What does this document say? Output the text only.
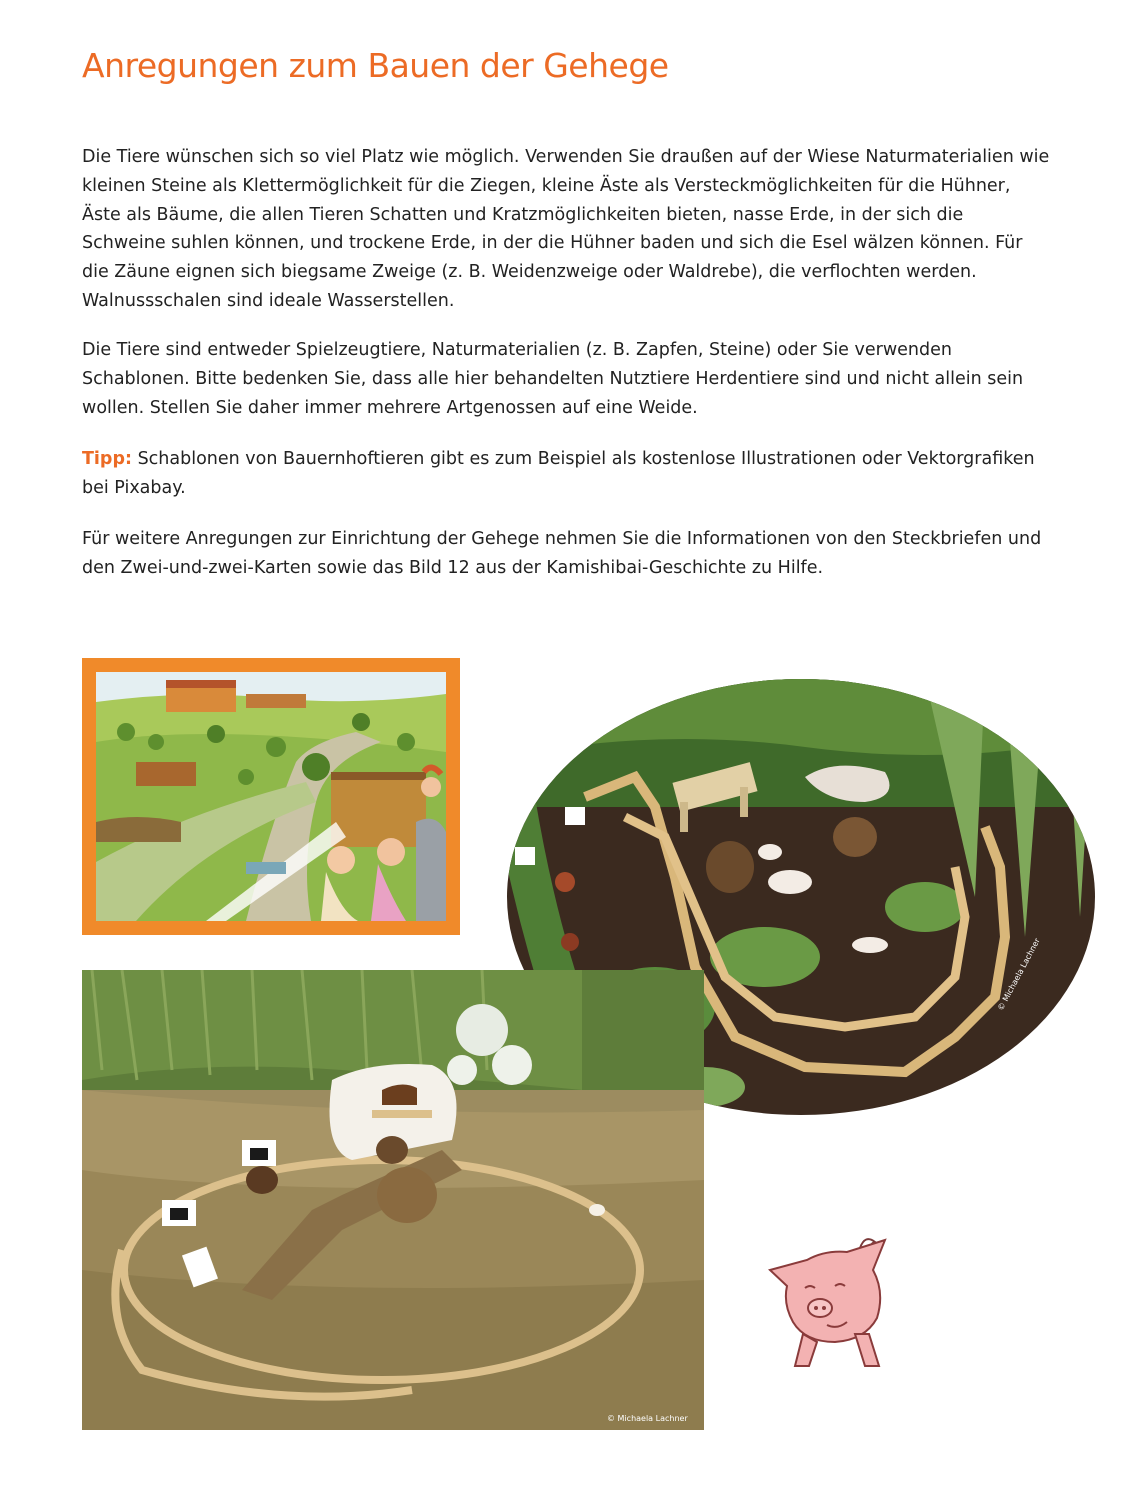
Anregungen zum Bauen der Gehege

Die Tiere wünschen sich so viel Platz wie möglich. Verwenden Sie draußen auf der Wiese Naturmaterialien wie kleinen Steine als Klettermöglichkeit für die Ziegen, kleine Äste als Versteckmöglichkeiten für die Hühner, Äste als Bäume, die allen Tieren Schatten und Kratzmöglichkeiten bieten, nasse Erde, in der sich die Schweine suhlen können, und trockene Erde, in der die Hühner baden und sich die Esel wälzen können. Für die Zäune eignen sich biegsame Zweige (z. B. Weidenzweige oder Waldrebe), die verflochten werden. Walnussschalen sind ideale Wasserstellen.

Die Tiere sind entweder Spielzeugtiere, Naturmaterialien (z. B. Zapfen, Steine) oder Sie verwenden Schablonen. Bitte bedenken Sie, dass alle hier behandelten Nutztiere Herdentiere sind und nicht allein sein wollen. Stellen Sie daher immer mehrere Artgenossen auf eine Weide.

Tipp: Schablonen von Bauernhoftieren gibt es zum Beispiel als kostenlose Illustrationen oder Vektorgrafiken bei Pixabay.

Für weitere Anregungen zur Einrichtung der Gehege nehmen Sie die Informationen von den Steckbriefen und den Zwei-und-zwei-Karten sowie das Bild 12 aus der Kamishibai-Geschichte zu Hilfe.

© Michaela Lachner
© Michaela Lachner
